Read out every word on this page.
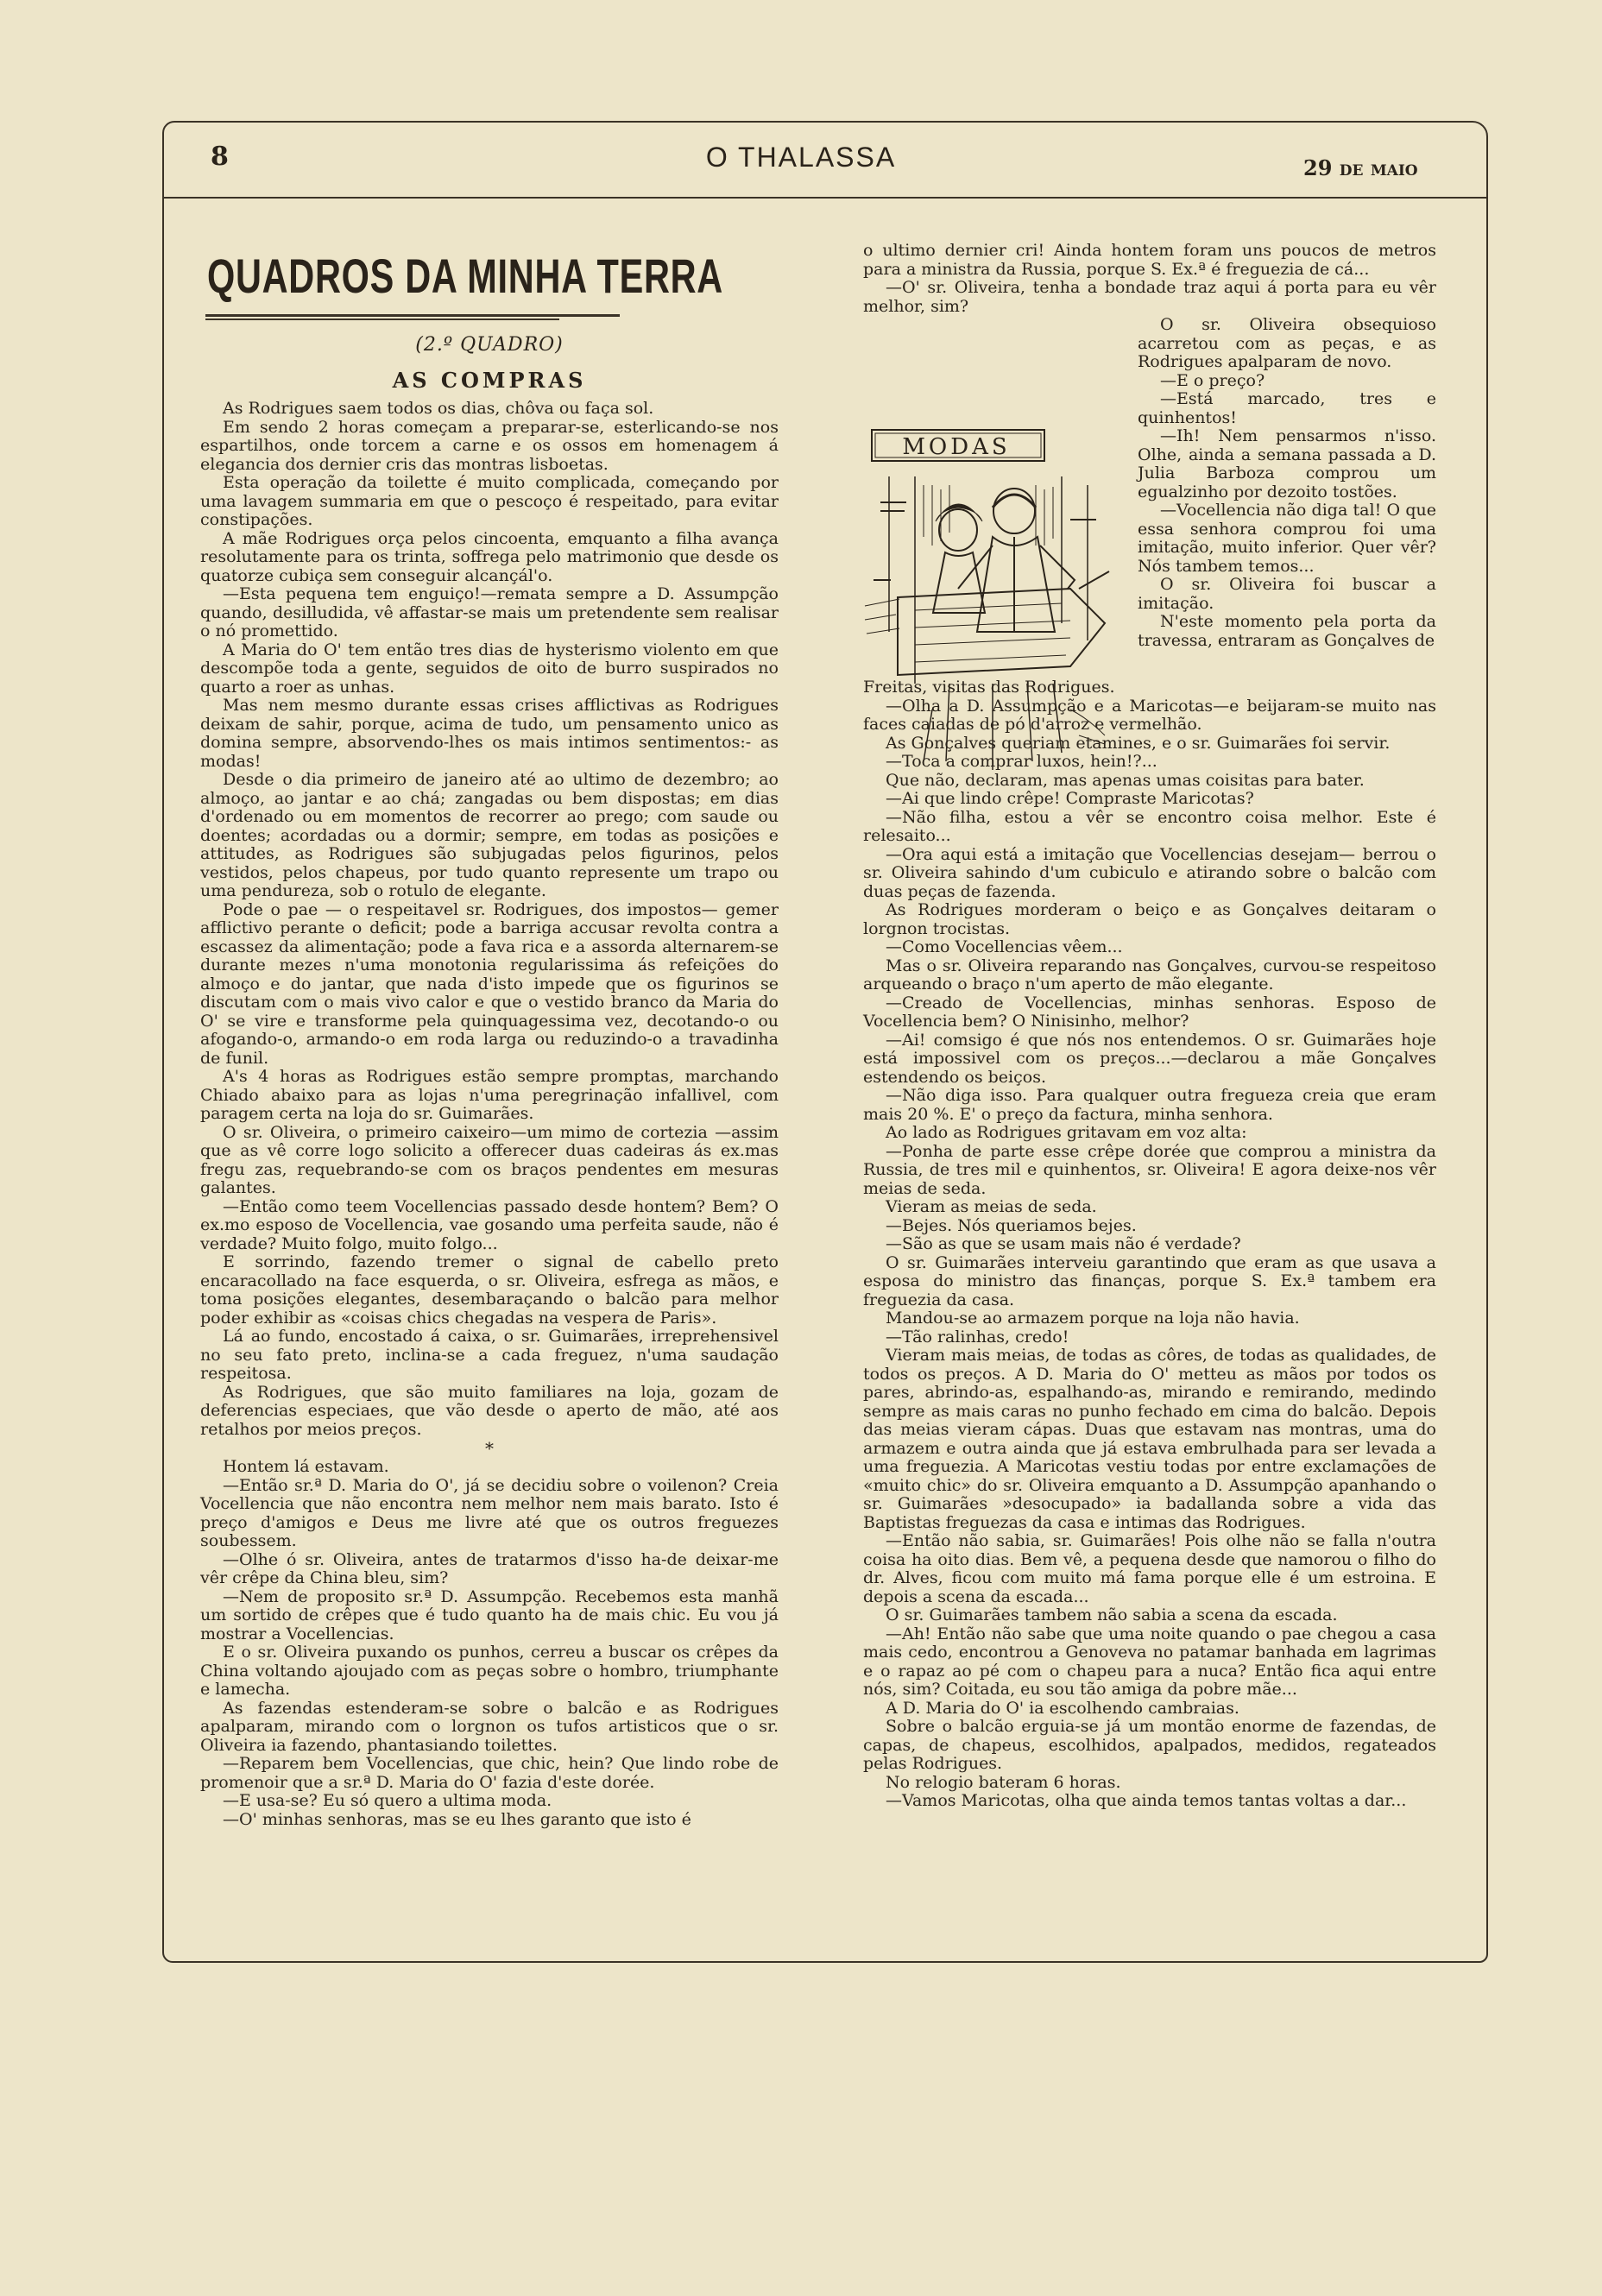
8	O THALASSA	29 DE MAIO
QUADROS DA MINHA TERRA
(2.º QUADRO)
AS COMPRAS

As Rodrigues saem todos os dias, chôva ou faça sol.

Em sendo 2 horas começam a preparar-se, esterlicando-se nos espartilhos, onde torcem a carne e os ossos em homenagem á elegancia dos dernier cris das montras lisboetas.

Esta operação da toilette é muito complicada, começando por uma lavagem summaria em que o pescoço é respeitado, para evitar constipações.

A mãe Rodrigues orça pelos cincoenta, emquanto a filha avança resolutamente para os trinta, soffrega pelo matrimonio que desde os quatorze cubiça sem conseguir alcançál'o.

—Esta pequena tem enguiço!—remata sempre a D. Assumpção quando, desilludida, vê affastar-se mais um pretendente sem realisar o nó promettido.

A Maria do O' tem então tres dias de hysterismo violento em que descompõe toda a gente, seguidos de oito de burro suspirados no quarto a roer as unhas.

Mas nem mesmo durante essas crises afflictivas as Rodrigues deixam de sahir, porque, acima de tudo, um pensamento unico as domina sempre, absorvendo-lhes os mais intimos sentimentos:- as modas!

Desde o dia primeiro de janeiro até ao ultimo de dezembro; ao almoço, ao jantar e ao chá; zangadas ou bem dispostas; em dias d'ordenado ou em momentos de recorrer ao prego; com saude ou doentes; acordadas ou a dormir; sempre, em todas as posições e attitudes, as Rodrigues são subjugadas pelos figurinos, pelos vestidos, pelos chapeus, por tudo quanto represente um trapo ou uma pendureza, sob o rotulo de elegante.

Pode o pae — o respeitavel sr. Rodrigues, dos impostos— gemer afflictivo perante o deficit; pode a barriga accusar revolta contra a escassez da alimentação; pode a fava rica e a assorda alternarem-se durante mezes n'uma monotonia regularissima ás refeições do almoço e do jantar, que nada d'isto impede que os figurinos se discutam com o mais vivo calor e que o vestido branco da Maria do O' se vire e transforme pela quinquagessima vez, decotando-o ou afogando-o, armando-o em roda larga ou reduzindo-o a travadinha de funil.

A's 4 horas as Rodrigues estão sempre promptas, marchando Chiado abaixo para as lojas n'uma peregrinação infallivel, com paragem certa na loja do sr. Guimarães.

O sr. Oliveira, o primeiro caixeiro—um mimo de cortezia —assim que as vê corre logo solicito a offerecer duas cadeiras ás ex.mas fregu zas, requebrando-se com os braços pendentes em mesuras galantes.

—Então como teem Vocellencias passado desde hontem? Bem? O ex.mo esposo de Vocellencia, vae gosando uma perfeita saude, não é verdade? Muito folgo, muito folgo...

E sorrindo, fazendo tremer o signal de cabello preto encaracollado na face esquerda, o sr. Oliveira, esfrega as mãos, e toma posições elegantes, desembaraçando o balcão para melhor poder exhibir as «coisas chics chegadas na vespera de Paris».

Lá ao fundo, encostado á caixa, o sr. Guimarães, irreprehensivel no seu fato preto, inclina-se a cada freguez, n'uma saudação respeitosa.

As Rodrigues, que são muito familiares na loja, gozam de deferencias especiaes, que vão desde o aperto de mão, até aos retalhos por meios preços.

*

Hontem lá estavam.

—Então sr.ª D. Maria do O', já se decidiu sobre o voilenon? Creia Vocellencia que não encontra nem melhor nem mais barato. Isto é preço d'amigos e Deus me livre até que os outros freguezes soubessem.

—Olhe ó sr. Oliveira, antes de tratarmos d'isso ha-de deixar-me vêr crêpe da China bleu, sim?

—Nem de proposito sr.ª D. Assumpção. Recebemos esta manhã um sortido de crêpes que é tudo quanto ha de mais chic. Eu vou já mostrar a Vocellencias.

E o sr. Oliveira puxando os punhos, cerreu a buscar os crêpes da China voltando ajoujado com as peças sobre o hombro, triumphante e lamecha.

As fazendas estenderam-se sobre o balcão e as Rodrigues apalparam, mirando com o lorgnon os tufos artisticos que o sr. Oliveira ia fazendo, phantasiando toilettes.

—Reparem bem Vocellencias, que chic, hein? Que lindo robe de promenoir que a sr.ª D. Maria do O' fazia d'este dorée.

—E usa-se? Eu só quero a ultima moda.

—O' minhas senhoras, mas se eu lhes garanto que isto é

o ultimo dernier cri! Ainda hontem foram uns poucos de metros para a ministra da Russia, porque S. Ex.ª é freguezia de cá...

—O' sr. Oliveira, tenha a bondade traz aqui á porta para eu vêr melhor, sim?

MODAS

O sr. Oliveira obsequioso acarretou com as peças, e as Rodrigues apalparam de novo.

—E o preço?

—Está marcado, tres e quinhentos!

—Ih! Nem pensarmos n'isso. Olhe, ainda a semana passada a D. Julia Barboza comprou um egualzinho por dezoito tostões.

—Vocellencia não diga tal! O que essa senhora comprou foi uma imitação, muito inferior. Quer vêr? Nós tambem temos...

O sr. Oliveira foi buscar a imitação.

N'este momento pela porta da travessa, entraram as Gonçalves de

Freitas, visitas das Rodrigues.

—Olha a D. Assumpção e a Maricotas—e beijaram-se muito nas faces caiadas de pó d'arroz e vermelhão.

As Gonçalves queriam etamines, e o sr. Guimarães foi servir.

—Toca a comprar luxos, hein!?...

Que não, declaram, mas apenas umas coisitas para bater.

—Ai que lindo crêpe! Compraste Maricotas?

—Não filha, estou a vêr se encontro coisa melhor. Este é relesaito...

—Ora aqui está a imitação que Vocellencias desejam— berrou o sr. Oliveira sahindo d'um cubiculo e atirando sobre o balcão com duas peças de fazenda.

As Rodrigues morderam o beiço e as Gonçalves deitaram o lorgnon trocistas.

—Como Vocellencias vêem...

Mas o sr. Oliveira reparando nas Gonçalves, curvou-se respeitoso arqueando o braço n'um aperto de mão elegante.

—Creado de Vocellencias, minhas senhoras. Esposo de Vocellencia bem? O Ninisinho, melhor?

—Ai! comsigo é que nós nos entendemos. O sr. Guimarães hoje está impossivel com os preços...—declarou a mãe Gonçalves estendendo os beiços.

—Não diga isso. Para qualquer outra fregueza creia que eram mais 20 %. E' o preço da factura, minha senhora.

Ao lado as Rodrigues gritavam em voz alta:

—Ponha de parte esse crêpe dorée que comprou a ministra da Russia, de tres mil e quinhentos, sr. Oliveira! E agora deixe-nos vêr meias de seda.

Vieram as meias de seda.

—Bejes. Nós queriamos bejes.

—São as que se usam mais não é verdade?

O sr. Guimarães interveiu garantindo que eram as que usava a esposa do ministro das finanças, porque S. Ex.ª tambem era freguezia da casa.

Mandou-se ao armazem porque na loja não havia.

—Tão ralinhas, credo!

Vieram mais meias, de todas as côres, de todas as qualidades, de todos os preços. A D. Maria do O' metteu as mãos por todos os pares, abrindo-as, espalhando-as, mirando e remirando, medindo sempre as mais caras no punho fechado em cima do balcão. Depois das meias vieram cápas. Duas que estavam nas montras, uma do armazem e outra ainda que já estava embrulhada para ser levada a uma freguezia. A Maricotas vestiu todas por entre exclamações de «muito chic» do sr. Oliveira emquanto a D. Assumpção apanhando o sr. Guimarães »desocupado» ia badallanda sobre a vida das Baptistas freguezas da casa e intimas das Rodrigues.

—Então não sabia, sr. Guimarães! Pois olhe não se falla n'outra coisa ha oito dias. Bem vê, a pequena desde que namorou o filho do dr. Alves, ficou com muito má fama porque elle é um estroina. E depois a scena da escada...

O sr. Guimarães tambem não sabia a scena da escada.

—Ah! Então não sabe que uma noite quando o pae chegou a casa mais cedo, encontrou a Genoveva no patamar banhada em lagrimas e o rapaz ao pé com o chapeu para a nuca? Então fica aqui entre nós, sim? Coitada, eu sou tão amiga da pobre mãe...

A D. Maria do O' ia escolhendo cambraias.

Sobre o balcão erguia-se já um montão enorme de fazendas, de capas, de chapeus, escolhidos, apalpados, medidos, regateados pelas Rodrigues.

No relogio bateram 6 horas.

—Vamos Maricotas, olha que ainda temos tantas voltas a dar...
